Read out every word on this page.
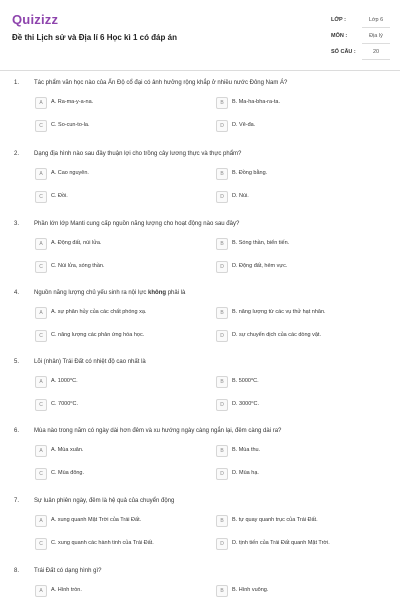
Quizizz
Đề thi Lịch sử và Địa lí 6 Học kì 1 có đáp án
LỚP :	Lớp 6
MÔN :	Địa lý
SỐ CÂU :	20
1. Tác phẩm văn học nào của Ấn Độ cổ đại có ảnh hưởng rộng khắp ở nhiều nước Đông Nam Á?
A	A. Ra-ma-y-a-na.	B	B. Ma-ha-bha-ra-ta.
C	C. So-cun-to-la.	D	D. Vê-đa.
2. Dạng địa hình nào sau đây thuận lợi cho trồng cây lương thực và thực phẩm?
A	A. Cao nguyên.	B	B. Đồng bằng.
C	C. Đồi.	D	D. Núi.
3. Phần lớn lớp Manti cung cấp nguồn năng lượng cho hoạt động nào sau đây?
A	A. Động đất, núi lửa.	B	B. Sóng thần, biển tiến.
C	C. Núi lửa, sóng thần.	D	D. Động đất, hẻm vực.
4. Nguồn năng lượng chủ yếu sinh ra nội lực không phải là
A	A. sự phân hủy của các chất phóng xạ.	B	B. năng lượng từ các vụ thử hạt nhân.
C	C. năng lượng các phản ứng hóa học.	D	D. sự chuyển dịch của các dòng vật.
5. Lõi (nhân) Trái Đất có nhiệt độ cao nhất là
A	A. 1000⁰C.	B	B. 5000⁰C.
C	C. 7000⁰C.	D	D. 3000⁰C.
6. Mùa nào trong năm có ngày dài hơn đêm và xu hướng ngày càng ngắn lại, đêm càng dài ra?
A	A. Mùa xuân.	B	B. Mùa thu.
C	C. Mùa đông.	D	D. Mùa hạ.
7. Sự luân phiên ngày, đêm là hệ quả của chuyển động
A	A. xung quanh Mặt Trời của Trái Đất.	B	B. tự quay quanh trục của Trái Đất.
C	C. xung quanh các hành tinh của Trái Đất.	D	D. tịnh tiến của Trái Đất quanh Mặt Trời.
8. Trái Đất có dạng hình gì?
A	A. Hình tròn.	B	B. Hình vuông.
